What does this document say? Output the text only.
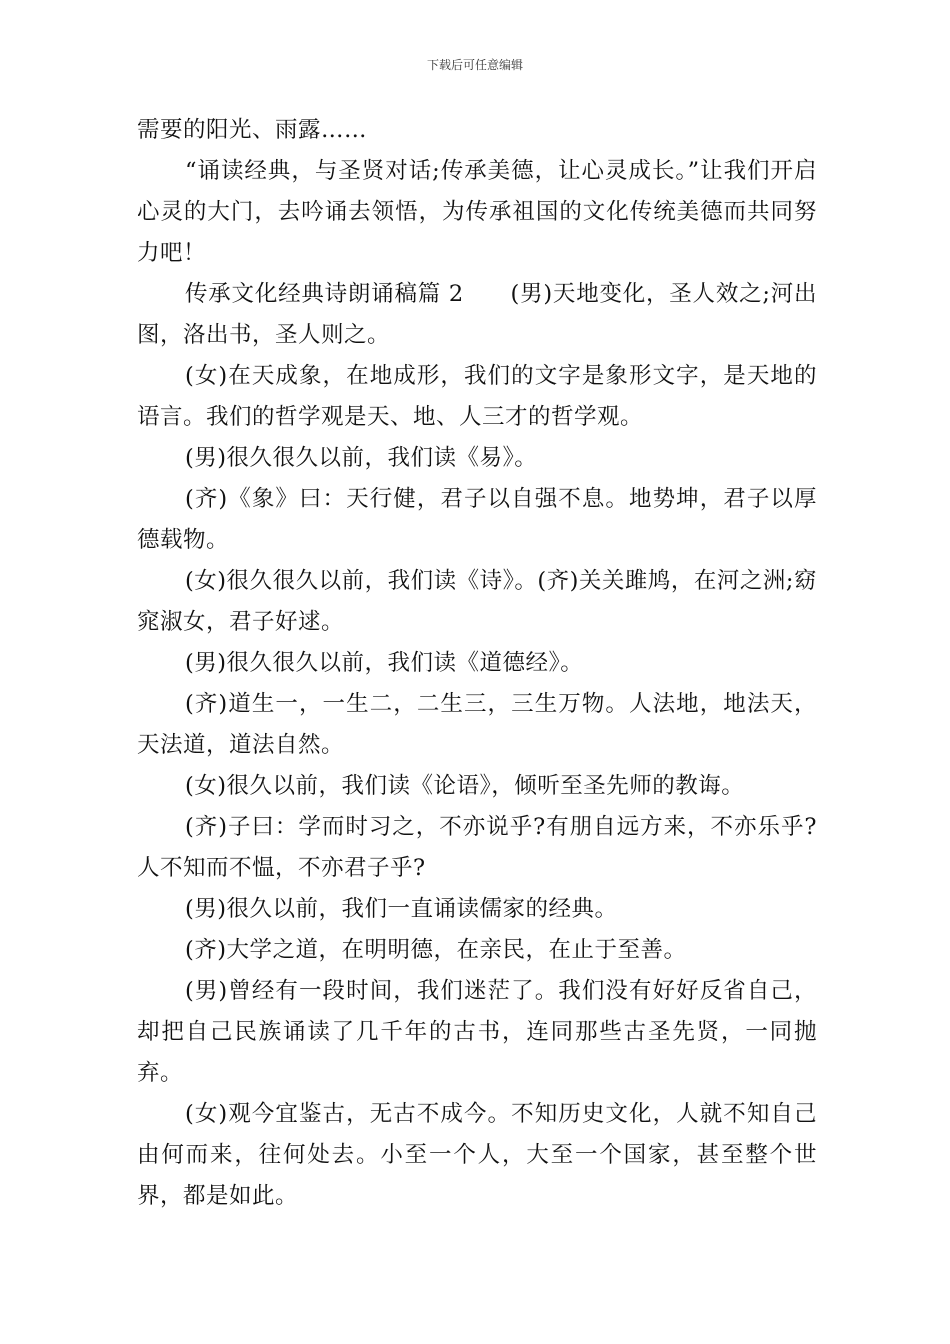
下载后可任意编辑

需要的阳光、雨露……

“诵读经典，与圣贤对话;传承美德，让心灵成长。”让我们开启心灵的大门，去吟诵去领悟，为传承祖国的文化传统美德而共同努力吧！

传承文化经典诗朗诵稿篇 2　　(男)天地变化，圣人效之;河出图，洛出书，圣人则之。

(女)在天成象，在地成形，我们的文字是象形文字，是天地的语言。我们的哲学观是天、地、人三才的哲学观。

(男)很久很久以前，我们读《易》。

(齐)《象》曰：天行健，君子以自强不息。地势坤，君子以厚德载物。

(女)很久很久以前，我们读《诗》。(齐)关关雎鸠，在河之洲;窈窕淑女，君子好逑。

(男)很久很久以前，我们读《道德经》。

(齐)道生一，一生二，二生三，三生万物。人法地，地法天，天法道，道法自然。

(女)很久以前，我们读《论语》，倾听至圣先师的教诲。

(齐)子曰：学而时习之，不亦说乎?有朋自远方来，不亦乐乎?人不知而不愠，不亦君子乎?

(男)很久以前，我们一直诵读儒家的经典。

(齐)大学之道，在明明德，在亲民，在止于至善。

(男)曾经有一段时间，我们迷茫了。我们没有好好反省自己，却把自己民族诵读了几千年的古书，连同那些古圣先贤，一同抛弃。

(女)观今宜鉴古，无古不成今。不知历史文化，人就不知自己由何而来，往何处去。小至一个人，大至一个国家，甚至整个世界，都是如此。
